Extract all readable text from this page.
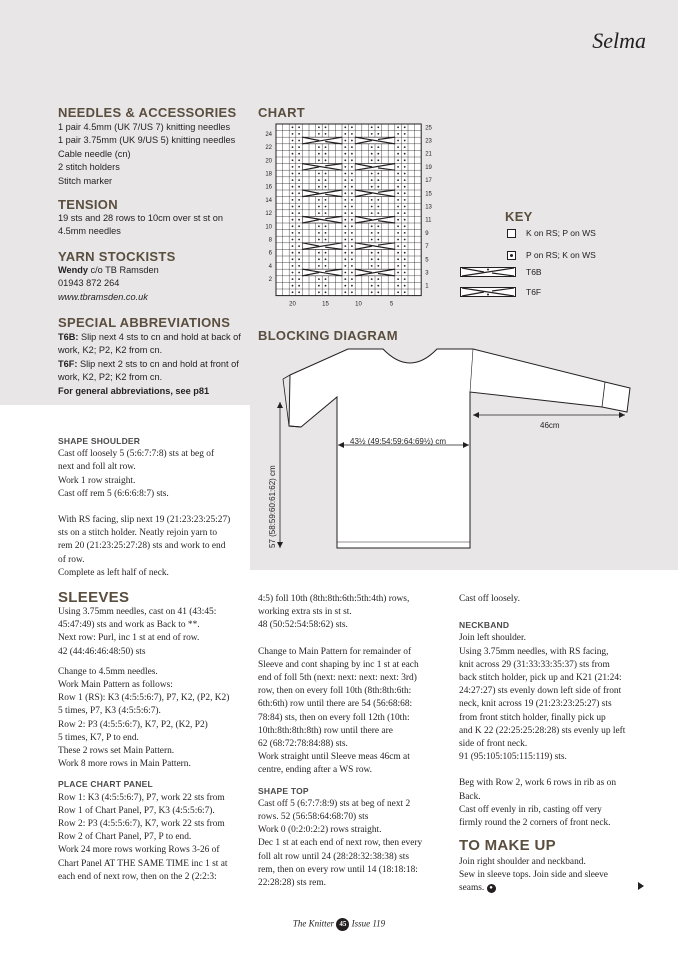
Selma
NEEDLES & ACCESSORIES
1 pair 4.5mm (UK 7/US 7) knitting needles
1 pair 3.75mm (UK 9/US 5) knitting needles
Cable needle (cn)
2 stitch holders
Stitch marker
TENSION
19 sts and 28 rows to 10cm over st st on
4.5mm needles
YARN STOCKISTS
Wendy c/o TB Ramsden
01943 872 264
www.tbramsden.co.uk
SPECIAL ABBREVIATIONS
T6B: Slip next 4 sts to cn and hold at back of
work, K2; P2, K2 from cn.
T6F: Slip next 2 sts to cn and hold at front of
work, K2, P2; K2 from cn.
For general abbreviations, see p81
CHART
24
22
20
18
16
14
12
10
8
6
4
2
25
23
21
19
17
15
13
11
9
7
5
3
1
20	15	10	5
KEY
K on RS; P on WS
P on RS; K on WS
T6B
T6F
BLOCKING DIAGRAM
43½ (49:54:59:64:69½) cm
57 (58:59:60:61:62) cm
46cm
SHAPE SHOULDER
Cast off loosely 5 (5:6:7:7:8) sts at beg of
next and foll alt row.
Work 1 row straight.
Cast off rem 5 (6:6:6:8:7) sts.
With RS facing, slip next 19 (21:23:23:25:27)
sts on a stitch holder. Neatly rejoin yarn to
rem 20 (21:23:25:27:28) sts and work to end
of row.
Complete as left half of neck.
SLEEVES
Using 3.75mm needles, cast on 41 (43:45:
45:47:49) sts and work as Back to **.
Next row: Purl, inc 1 st at end of row.
42 (44:46:46:48:50) sts
Change to 4.5mm needles.
Work Main Pattern as follows:
Row 1 (RS): K3 (4:5:5:6:7), P7, K2, (P2, K2)
5 times, P7, K3 (4:5:5:6:7).
Row 2: P3 (4:5:5:6:7), K7, P2, (K2, P2)
5 times, K7, P to end.
These 2 rows set Main Pattern.
Work 8 more rows in Main Pattern.
PLACE CHART PANEL
Row 1: K3 (4:5:5:6:7), P7, work 22 sts from
Row 1 of Chart Panel, P7, K3 (4:5:5:6:7).
Row 2: P3 (4:5:5:6:7), K7, work 22 sts from
Row 2 of Chart Panel, P7, P to end.
Work 24 more rows working Rows 3-26 of
Chart Panel AT THE SAME TIME inc 1 st at
each end of next row, then on the 2 (2:2:3:
4:5) foll 10th (8th:8th:6th:5th:4th) rows,
working extra sts in st st.
48 (50:52:54:58:62) sts.
Change to Main Pattern for remainder of
Sleeve and cont shaping by inc 1 st at each
end of foll 5th (next: next: next: next: 3rd)
row, then on every foll 10th (8th:8th:6th:
6th:6th) row until there are 54 (56:68:68:
78:84) sts, then on every foll 12th (10th:
10th:8th:8th:8th) row until there are
62 (68:72:78:84:88) sts.
Work straight until Sleeve meas 46cm at
centre, ending after a WS row.
SHAPE TOP
Cast off 5 (6:7:7:8:9) sts at beg of next 2
rows. 52 (56:58:64:68:70) sts
Work 0 (0:2:0:2:2) rows straight.
Dec 1 st at each end of next row, then every
foll alt row until 24 (28:28:32:38:38) sts
rem, then on every row until 14 (18:18:18:
22:28:28) sts rem.
Cast off loosely.
NECKBAND
Join left shoulder.
Using 3.75mm needles, with RS facing,
knit across 29 (31:33:33:35:37) sts from
back stitch holder, pick up and K21 (21:24:
24:27:27) sts evenly down left side of front
neck, knit across 19 (21:23:23:25:27) sts
from front stitch holder, finally pick up
and K 22 (22:25:25:28:28) sts evenly up left
side of front neck.
91 (95:105:105:115:119) sts.
Beg with Row 2, work 6 rows in rib as on
Back.
Cast off evenly in rib, casting off very
firmly round the 2 corners of front neck.
TO MAKE UP
Join right shoulder and neckband.
Sew in sleeve tops. Join side and sleeve
seams. ●
The Knitter 45 Issue 119
